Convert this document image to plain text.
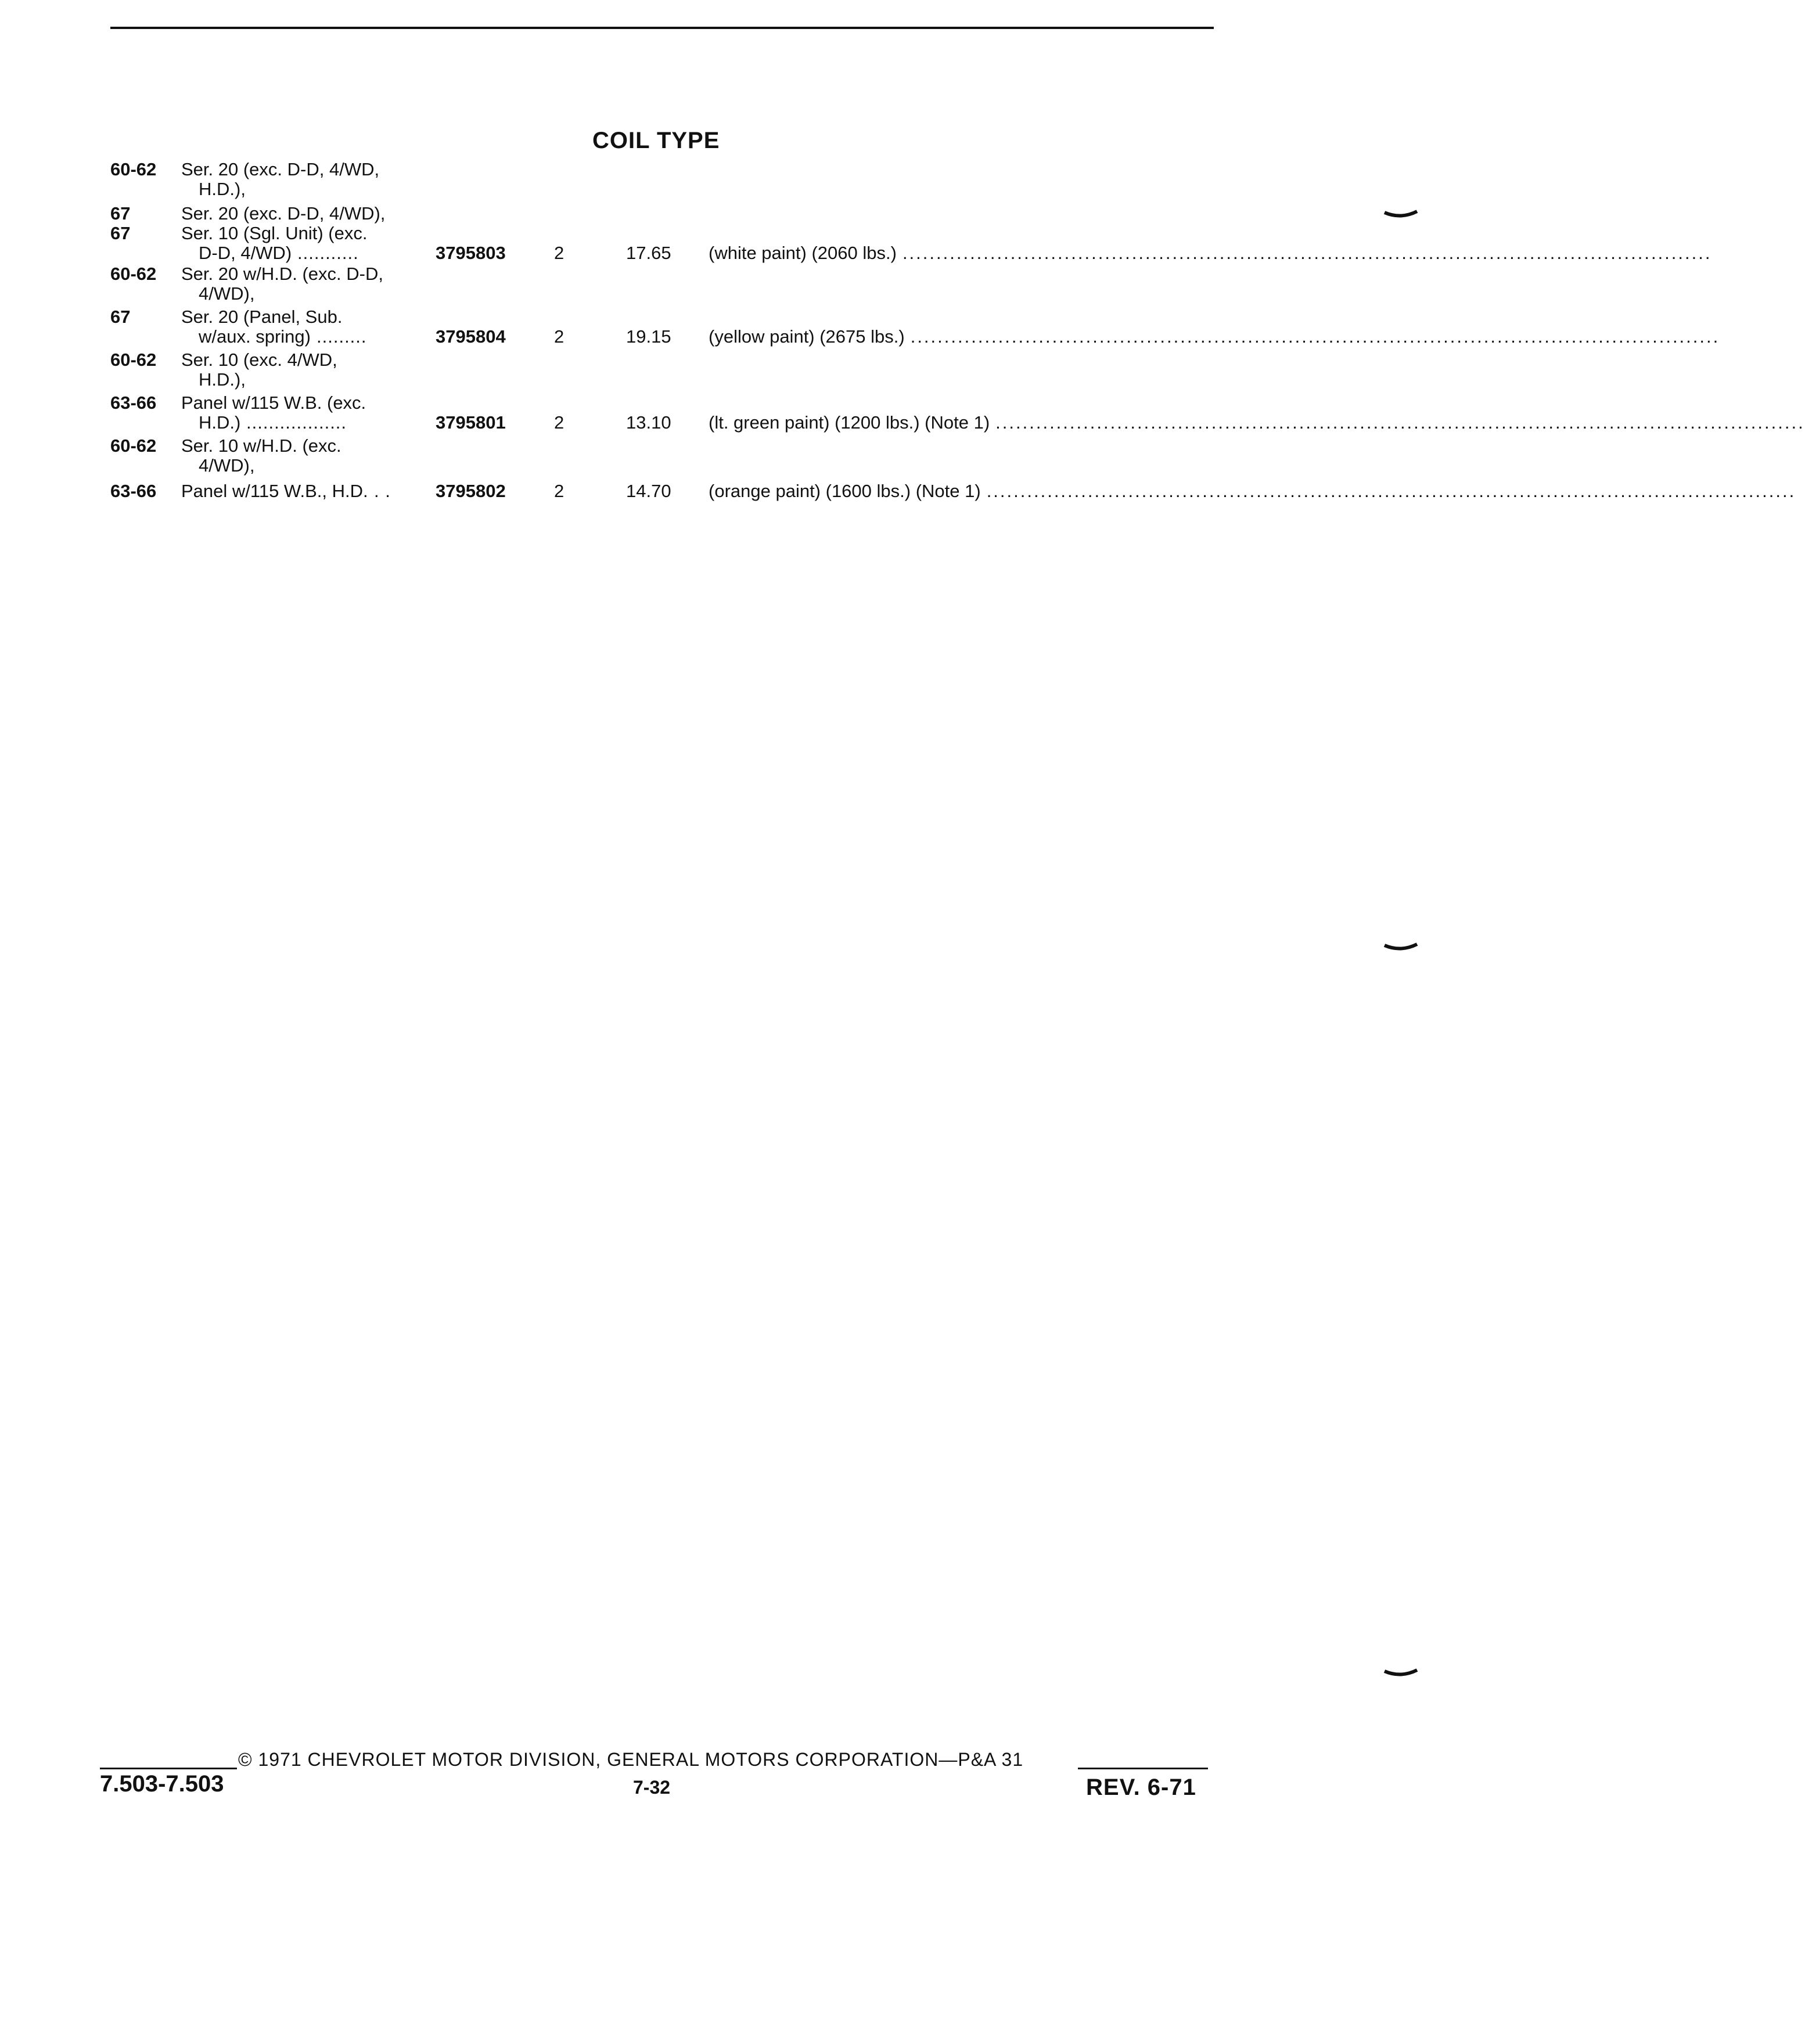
COIL TYPE
60-62 Ser. 20 (exc. D-D, 4/WD,
H.D.),
67	Ser. 20 (exc. D-D, 4/WD),
67	Ser. 10 (Sgl. Unit) (exc.
D-D, 4/WD) ...........	3795803	2	17.65 (white paint) (2060 lbs.) ........................................................................................................................
60-62 Ser. 20 w/H.D. (exc. D-D,
4/WD),
67	Ser. 20 (Panel, Sub.
w/aux. spring) .........	3795804	2	19.15 (yellow paint) (2675 lbs.) ........................................................................................................................
60-62 Ser. 10 (exc. 4/WD,
H.D.),
63-66 Panel w/115 W.B. (exc.
H.D.) ..................	3795801	2	13.10 (lt. green paint) (1200 lbs.) (Note 1) ........................................................................................................................
60-62 Ser. 10 w/H.D. (exc.
4/WD),
63-66 Panel w/115 W.B., H.D. . .	3795802	2	14.70 (orange paint) (1600 lbs.) (Note 1) ........................................................................................................................
© 1971 CHEVROLET MOTOR DIVISION, GENERAL MOTORS CORPORATION—P&A 31
7.503-7.503	7-32	REV. 6-71
